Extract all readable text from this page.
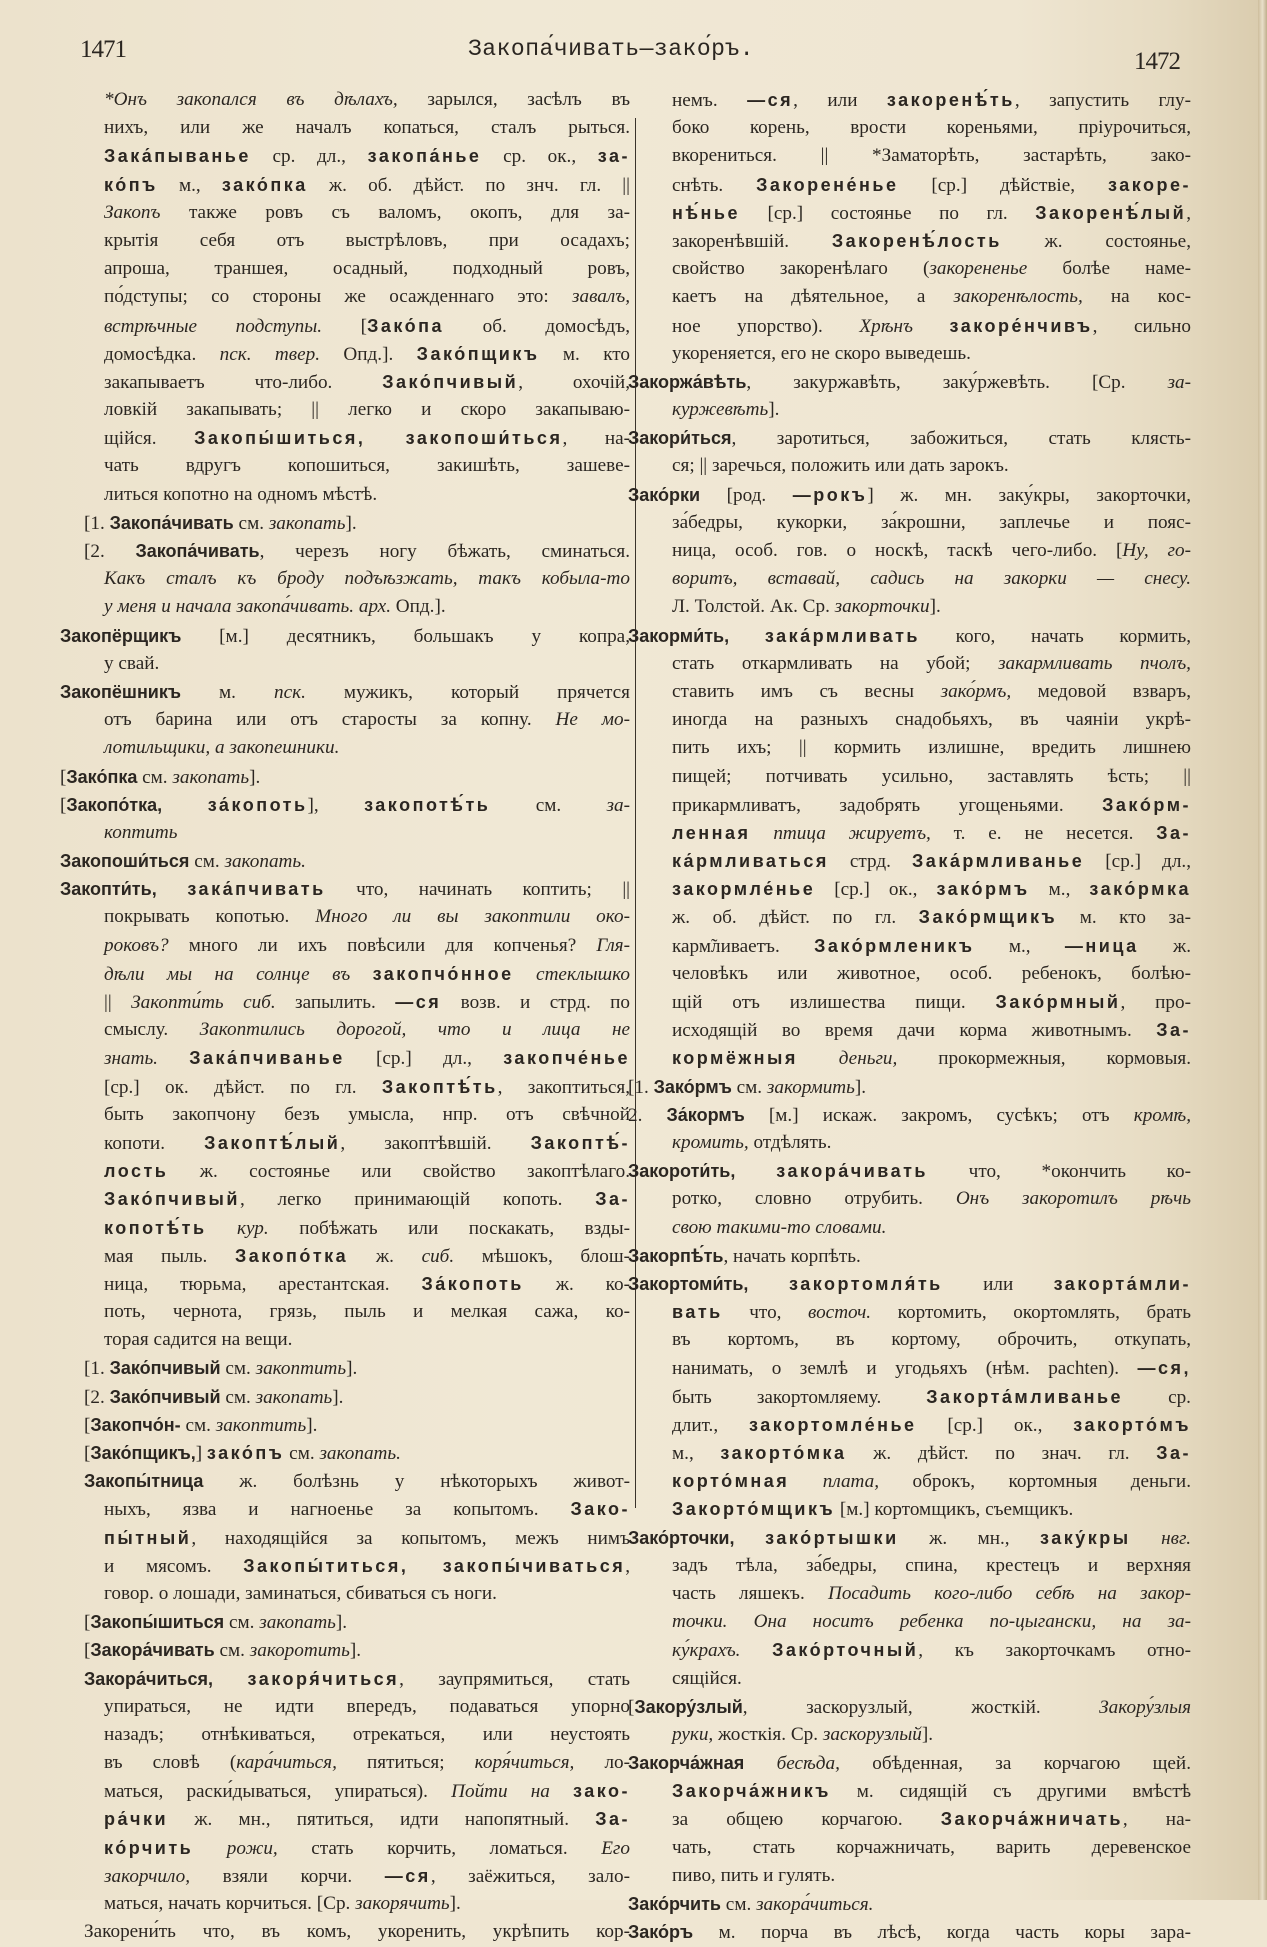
1471	Закопа́чивать—зако́ръ.	1472
*Онъ закопался въ дѣлахъ, зарылся, засѣлъ въ
нихъ, или же началъ копаться, сталъ рыться.
Зака́пыванье ср. дл., закопа́нье ср. ок., за-
ко́пъ м., зако́пка ж. об. дѣйст. по знч. гл. ||
Закопъ также ровъ съ валомъ, окопъ, для за-
крытія себя отъ выстрѣловъ, при осадахъ;
апроша, траншея, осадный, подходный ровъ,
по́дступы; со стороны же осажденнаго это: завалъ,
встрѣчные подступы. [Зако́па об. домосѣдъ,
домосѣдка. пск. твер. Опд.]. Зако́пщикъ м. кто
закапываетъ что-либо. Зако́пчивый, охочій,
ловкій закапывать; || легко и скоро закапываю-
щійся. Закопы́шиться, закопоши́ться, на-
чать вдругъ копошиться, закишѣть, зашеве-
литься копотно на одномъ мѣстѣ.
[1. Закопа́чивать см. закопать].
[2. Закопа́чивать, черезъ ногу бѣжать, сминаться.
Какъ сталъ къ броду подъѣзжать, такъ кобыла-то
у меня и начала закопа́чивать. арх. Опд.].
Закопёрщикъ [м.] десятникъ, большакъ у копра,
у свай.
Закопёшникъ м. пск. мужикъ, который прячется
отъ барина или отъ старосты за копну. Не мо-
лотильщики, а закопешники.
[Зако́пка см. закопать].
[Закопо́тка, за́копоть], закопотѣ́ть см. за-
коптить
Закопоши́ться см. закопать.
Закопти́ть, зака́пчивать что, начинать коптить; ||
покрывать копотью. Много ли вы закоптили око-
роковъ? много ли ихъ повѣсили для копченья? Гля-
дѣли мы на солнце въ закопчо́нное стеклышко
|| Закопти́ть сиб. запылить. —ся возв. и стрд. по
смыслу. Закоптились дорогой, что и лица не
знать. Зака́пчиванье [ср.] дл., закопче́нье
[ср.] ок. дѣйст. по гл. Закоптѣ́ть, закоптиться,
быть закопчону безъ умысла, нпр. отъ свѣчной
копоти. Закоптѣ́лый, закоптѣвшій. Закоптѣ́-
лость ж. состоянье или свойство закоптѣлаго.
Зако́пчивый, легко принимающій копоть. За-
копотѣ́ть кур. побѣжать или поскакать, взды-
мая пыль. Закопо́тка ж. сиб. мѣшокъ, блош-
ница, тюрьма, арестантская. За́копоть ж. ко-
поть, чернота, грязь, пыль и мелкая сажа, ко-
торая садится на вещи.
[1. Зако́пчивый см. закоптить].
[2. Зако́пчивый см. закопать].
[Закопчо́н- см. закоптить].
[Зако́пщикъ,] зако́пъ см. закопать.
Закопы́тница ж. болѣзнь у нѣкоторыхъ живот-
ныхъ, язва и нагноенье за копытомъ. Зако-
пы́тный, находящійся за копытомъ, межъ нимъ
и мясомъ. Закопы́титься, закопы́чиваться,
говор. о лошади, заминаться, сбиваться съ ноги.
[Закопы́шиться см. закопать].
[Закора́чивать см. закоротить].
Закора́читься, закоря́читься, заупрямиться, стать
упираться, не идти впередъ, подаваться упорно
назадъ; отнѣкиваться, отрекаться, или неустоять
въ словѣ (кара́читься, пятиться; коря́читься, ло-
маться, раски́дываться, упираться). Пойти на зако-
ра́чки ж. мн., пятиться, идти напопятный. За-
ко́рчить рожи, стать корчить, ломаться. Его
закорчило, взяли корчи. —ся, заёжиться, зало-
маться, начать корчиться. [Ср. закорячить].
Закорени́ть что, въ комъ, укоренить, укрѣпить кор-
немъ. —ся, или закоренѣ́ть, запустить глу-
боко корень, врости кореньями, пріурочиться,
вкорениться. || *Заматорѣть, застарѣть, зако-
снѣть. Закорене́нье [ср.] дѣйствіе, закоре-
нѣ́нье [ср.] состоянье по гл. Закоренѣ́лый,
закоренѣвшій. Закоренѣ́лость ж. состоянье,
свойство закоренѣлаго (закорененье болѣе наме-
каетъ на дѣятельное, а закоренѣлость, на кос-
ное упорство). Хрѣнъ закоре́нчивъ, сильно
укореняется, его не скоро выведешь.
Закоржа́вѣть, закуржавѣть, заку́ржевѣть. [Ср. за-
куржевѣть].
Закори́ться, заротиться, забожиться, стать клясть-
ся; || заречься, положить или дать зарокъ.
Зако́рки [род. —рокъ] ж. мн. заку́кры, закорточки,
за́бедры, кукорки, за́крошни, заплечье и пояс-
ница, особ. гов. о носкѣ, таскѣ чего-либо. [Ну, го-
воритъ, вставай, садись на закорки — снесу.
Л. Толстой. Ак. Ср. закорточки].
Закорми́ть, зака́рмливать кого, начать кормить,
стать откармливать на убой; закармливать пчолъ,
ставить имъ съ весны зако́рмъ, медовой взваръ,
иногда на разныхъ снадобьяхъ, въ чаяніи укрѣ-
пить ихъ; || кормить излишне, вредить лишнею
пищей; потчивать усильно, заставлять ѣсть; ||
прикармливатъ, задобрять угощеньями. Закóрм-
ленная птица жируетъ, т. е. не несется. За-
ка́рмливаться стрд. Зака́рмливанье [ср.] дл.,
закормле́нье [ср.] ок., зако́рмъ м., зако́рмка
ж. об. дѣйст. по гл. Зако́рмщикъ м. кто за-
карм̃ливаетъ. Зако́рмленикъ м., —ница ж.
человѣкъ или животное, особ. ребенокъ, болѣю-
щій отъ излишества пищи. Зако́рмный, про-
исходящій во время дачи корма животнымъ. За-
кормёжныя деньги, прокормежныя, кормовыя.
[1. Зако́рмъ см. закормить].
2. За́кормъ [м.] искаж. закромъ, сусѣкъ; отъ кромѣ,
кромить, отдѣлять.
Закороти́ть, закора́чивать что, *окончить ко-
ротко, словно отрубить. Онъ закоротилъ рѣчь
свою такими-то словами.
Закорпѣ́ть, начать корпѣть.
Закортоми́ть, закортомля́ть или закорта́мли-
вать что, восточ. кортомить, окортомлять, брать
въ кортомъ, въ кортому, оброчить, откупать,
нанимать, о землѣ и угодьяхъ (нѣм. pachten). —ся,
быть закортомляему. Закорта́мливанье ср.
длит., закортомле́нье [ср.] ок., закорто́мъ
м., закорто́мка ж. дѣйст. по знач. гл. За-
корто́мная плата, оброкъ, кортомныя деньги.
Закорто́мщикъ [м.] кортомщикъ, съемщикъ.
Зако́рточки, зако́ртышки ж. мн., заку́кры нвг.
задъ тѣла, за́бедры, спина, крестецъ и верхняя
часть ляшекъ. Посадить кого-либо себѣ на закор-
точки. Она носитъ ребенка по-цыгански, на за-
ку́крахъ. Зако́рточный, къ закорточкамъ отно-
сящійся.
[Закору́злый, заскорузлый, жосткій. Закору́злыя
руки, жосткія. Ср. заскорузлый].
Закорча́жная бесѣда, обѣденная, за корчагою щей.
Закорча́жникъ м. сидящій съ другими вмѣстѣ
за общею корчагою. Закорча́жничать, на-
чать, стать корчажничать, варить деревенское
пиво, пить и гулять.
Зако́рчить см. закора́читься.
Зако́ръ м. порча въ лѣсѣ, когда часть коры зара-
